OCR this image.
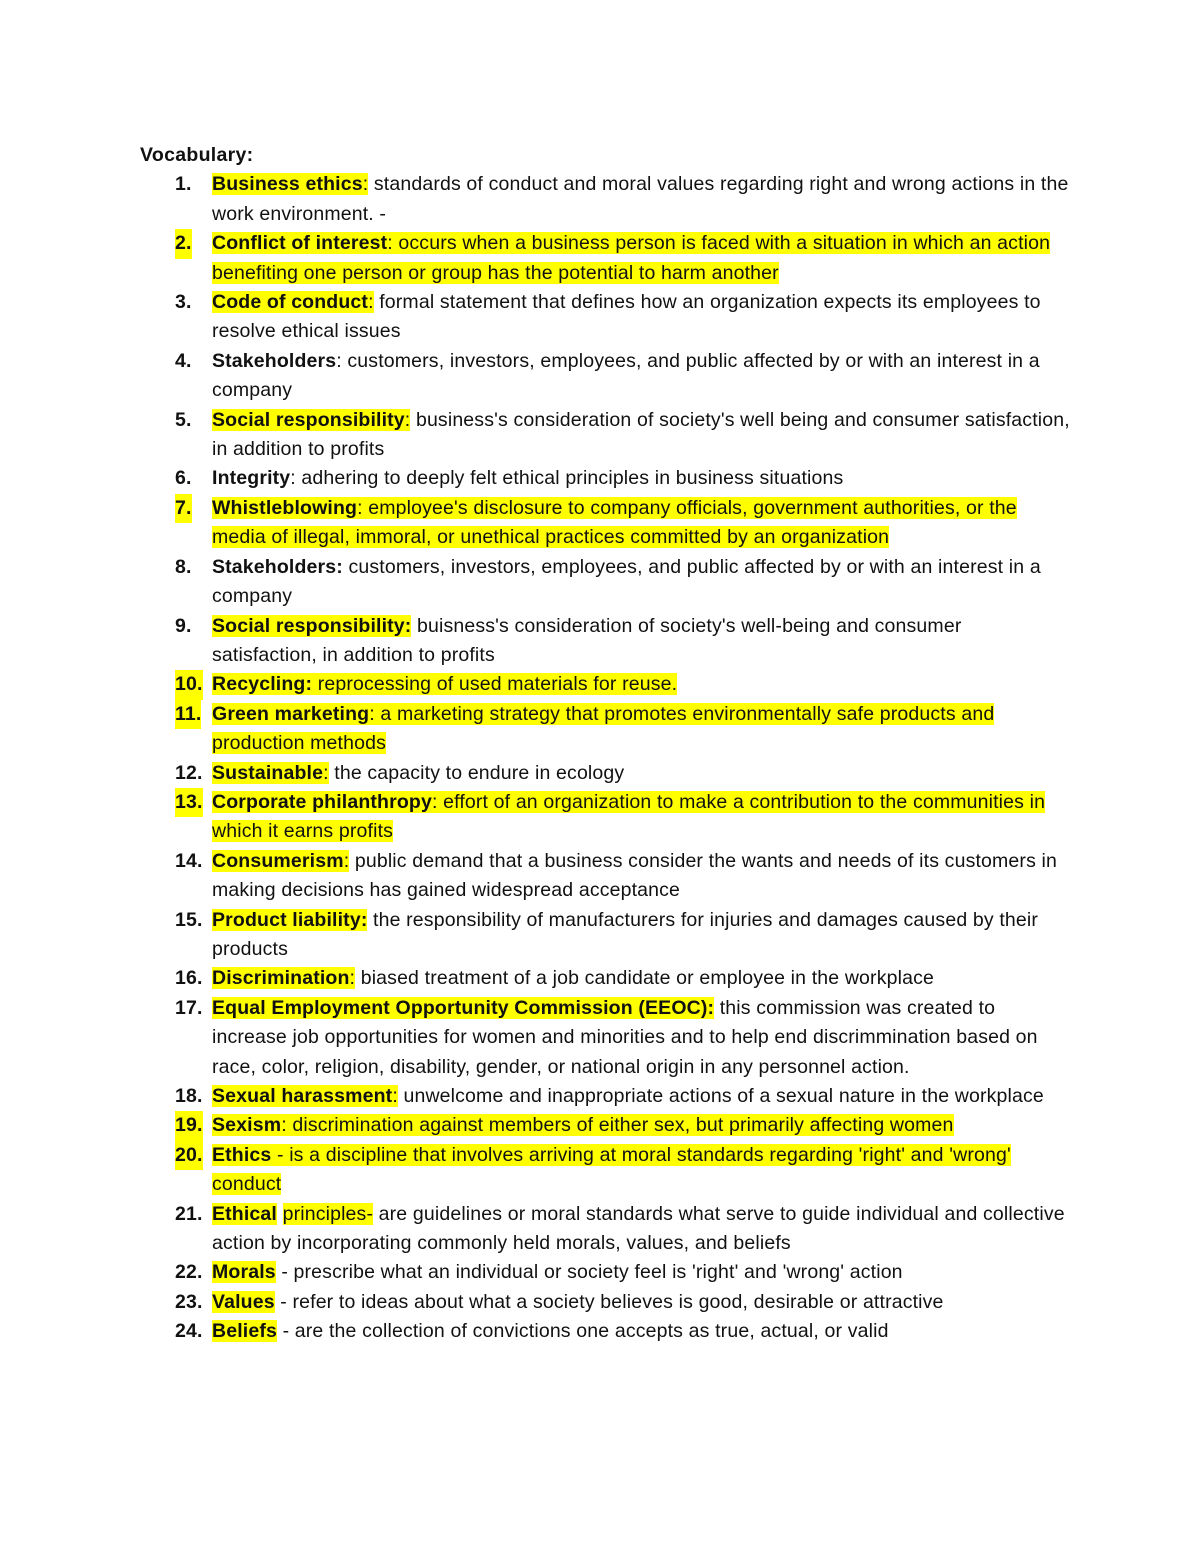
Vocabulary:

1. Business ethics: standards of conduct and moral values regarding right and wrong actions in the work environment. -
2. Conflict of interest: occurs when a business person is faced with a situation in which an action benefiting one person or group has the potential to harm another
3. Code of conduct: formal statement that defines how an organization expects its employees to resolve ethical issues
4. Stakeholders: customers, investors, employees, and public affected by or with an interest in a company
5. Social responsibility: business's consideration of society's well being and consumer satisfaction, in addition to profits
6. Integrity: adhering to deeply felt ethical principles in business situations
7. Whistleblowing: employee's disclosure to company officials, government authorities, or the media of illegal, immoral, or unethical practices committed by an organization
8. Stakeholders: customers, investors, employees, and public affected by or with an interest in a company
9. Social responsibility: buisness's consideration of society's well-being and consumer satisfaction, in addition to profits
10. Recycling: reprocessing of used materials for reuse.
11. Green marketing: a marketing strategy that promotes environmentally safe products and production methods
12. Sustainable: the capacity to endure in ecology
13. Corporate philanthropy: effort of an organization to make a contribution to the communities in which it earns profits
14. Consumerism: public demand that a business consider the wants and needs of its customers in making decisions has gained widespread acceptance
15. Product liability: the responsibility of manufacturers for injuries and damages caused by their products
16. Discrimination: biased treatment of a job candidate or employee in the workplace
17. Equal Employment Opportunity Commission (EEOC): this commission was created to increase job opportunities for women and minorities and to help end discrimmination based on race, color, religion, disability, gender, or national origin in any personnel action.
18. Sexual harassment: unwelcome and inappropriate actions of a sexual nature in the workplace
19. Sexism: discrimination against members of either sex, but primarily affecting women
20. Ethics - is a discipline that involves arriving at moral standards regarding 'right' and 'wrong' conduct
21. Ethical principles- are guidelines or moral standards what serve to guide individual and collective action by incorporating commonly held morals, values, and beliefs
22. Morals - prescribe what an individual or society feel is 'right' and 'wrong' action
23. Values - refer to ideas about what a society believes is good, desirable or attractive
24. Beliefs - are the collection of convictions one accepts as true, actual, or valid
